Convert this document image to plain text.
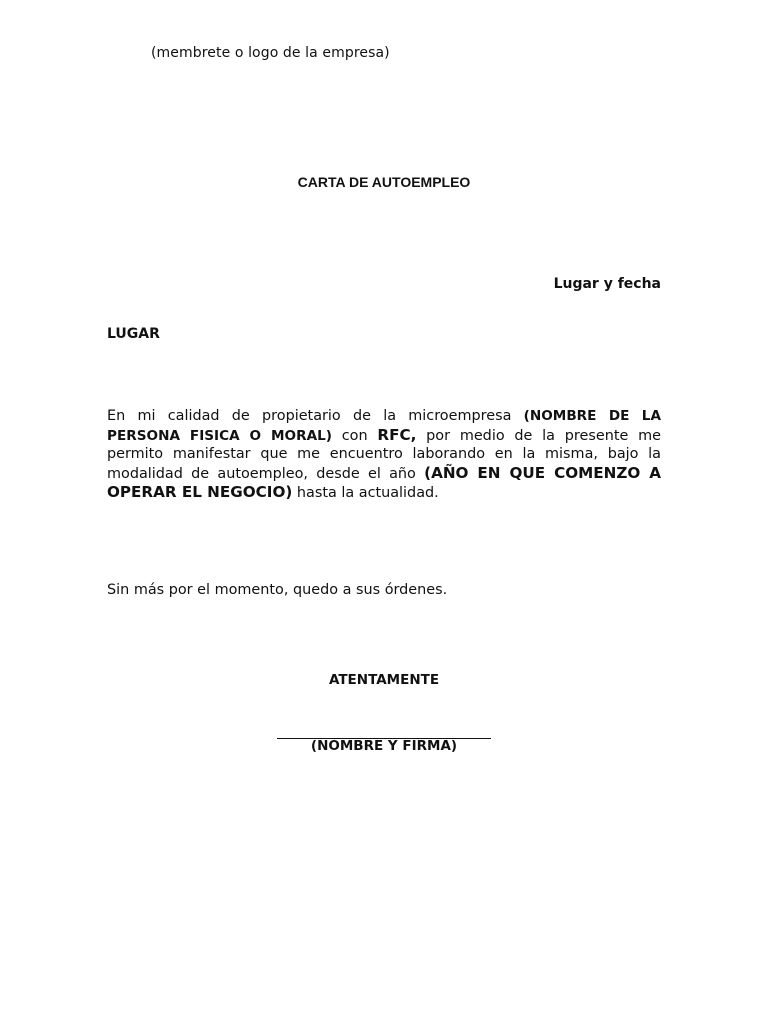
(membrete o logo de la empresa)
CARTA DE AUTOEMPLEO
Lugar y fecha
LUGAR

En mi calidad de propietario de la microempresa (NOMBRE DE LA PERSONA FISICA O MORAL) con RFC, por medio de la presente me permito manifestar que me encuentro laborando en la misma, bajo la modalidad de autoempleo, desde el año (AÑO EN QUE COMENZO A OPERAR EL NEGOCIO) hasta la actualidad.

Sin más por el momento, quedo a sus órdenes.
ATENTAMENTE
(NOMBRE Y FIRMA)
